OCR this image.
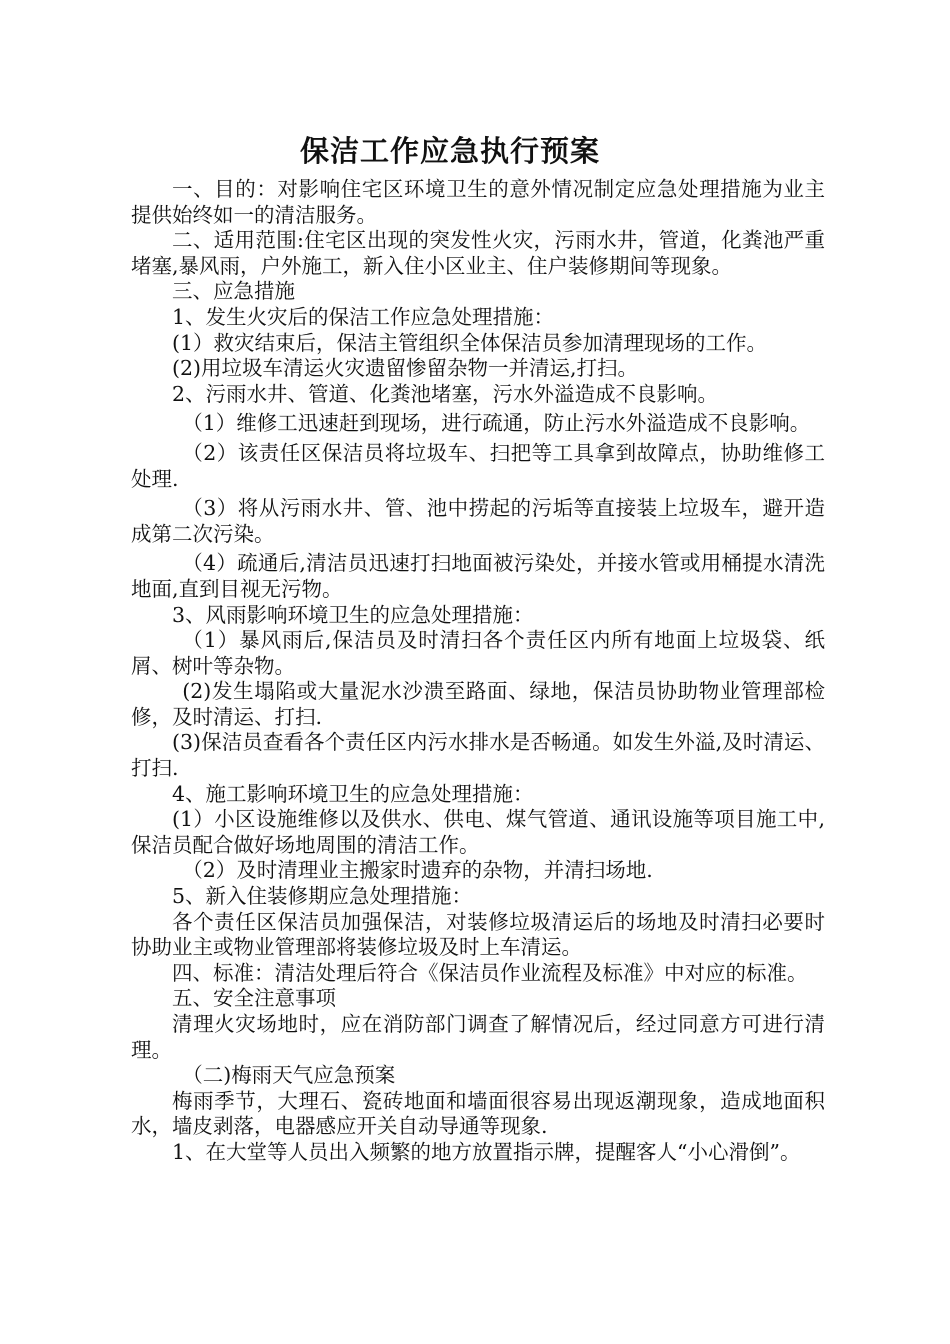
保洁工作应急执行预案

一、目的：对影响住宅区环境卫生的意外情况制定应急处理措施为业主提供始终如一的清洁服务。

二、适用范围:住宅区出现的突发性火灾，污雨水井，管道，化粪池严重堵塞,暴风雨，户外施工，新入住小区业主、住户装修期间等现象。

三、应急措施

1、发生火灾后的保洁工作应急处理措施：

(1）救灾结束后，保洁主管组织全体保洁员参加清理现场的工作。

(2)用垃圾车清运火灾遗留惨留杂物一并清运,打扫。

2、污雨水井、管道、化粪池堵塞，污水外溢造成不良影响。

（1）维修工迅速赶到现场，进行疏通，防止污水外溢造成不良影响。

（2）该责任区保洁员将垃圾车、扫把等工具拿到故障点，协助维修工处理.

（3）将从污雨水井、管、池中捞起的污垢等直接装上垃圾车，避开造成第二次污染。

（4）疏通后,清洁员迅速打扫地面被污染处，并接水管或用桶提水清洗地面,直到目视无污物。

3、风雨影响环境卫生的应急处理措施：

（1）暴风雨后,保洁员及时清扫各个责任区内所有地面上垃圾袋、纸屑、树叶等杂物。

(2)发生塌陷或大量泥水沙溃至路面、绿地，保洁员协助物业管理部检修，及时清运、打扫.

(3)保洁员查看各个责任区内污水排水是否畅通。如发生外溢,及时清运、打扫.

4、施工影响环境卫生的应急处理措施：

(1）小区设施维修以及供水、供电、煤气管道、通讯设施等项目施工中,保洁员配合做好场地周围的清洁工作。

（2）及时清理业主搬家时遗弃的杂物，并清扫场地.

5、新入住装修期应急处理措施：

各个责任区保洁员加强保洁，对装修垃圾清运后的场地及时清扫必要时协助业主或物业管理部将装修垃圾及时上车清运。

四、标准：清洁处理后符合《保洁员作业流程及标准》中对应的标准。

五、安全注意事项

清理火灾场地时，应在消防部门调查了解情况后，经过同意方可进行清理。

（二)梅雨天气应急预案

梅雨季节，大理石、瓷砖地面和墙面很容易出现返潮现象，造成地面积水，墙皮剥落，电器感应开关自动导通等现象.

1、在大堂等人员出入频繁的地方放置指示牌，提醒客人“小心滑倒”。
